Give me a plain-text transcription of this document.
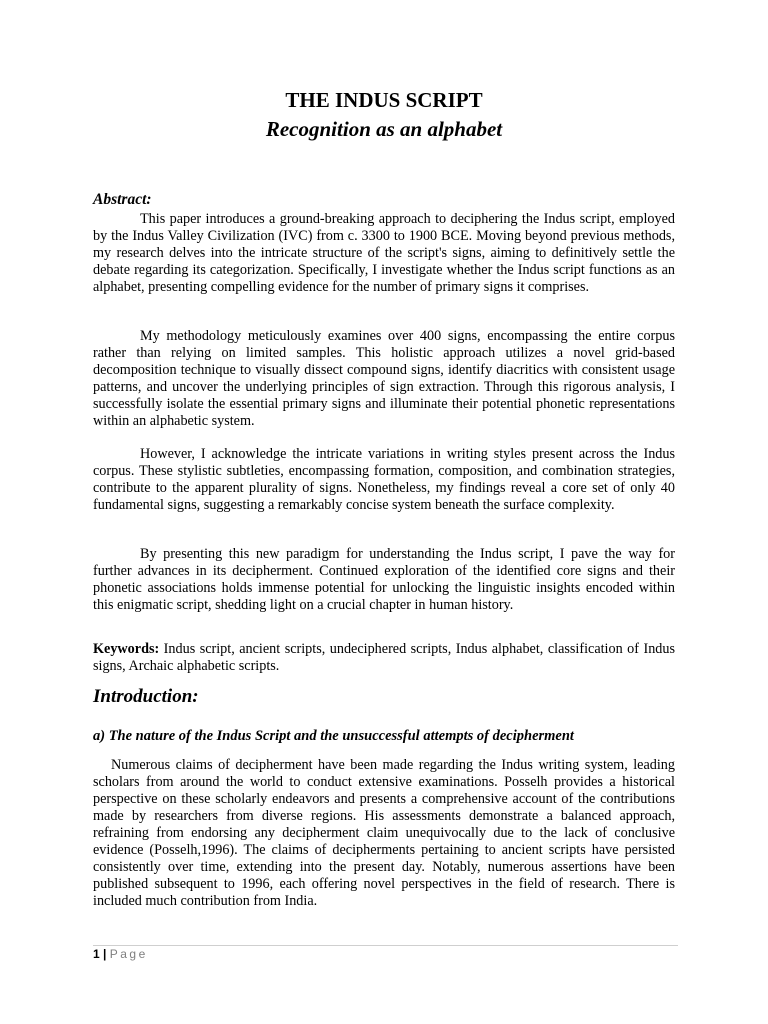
THE INDUS SCRIPT
Recognition as an alphabet
Abstract:

This paper introduces a ground-breaking approach to deciphering the Indus script, employed by the Indus Valley Civilization (IVC) from c. 3300 to 1900 BCE. Moving beyond previous methods, my research delves into the intricate structure of the script's signs, aiming to definitively settle the debate regarding its categorization. Specifically, I investigate whether the Indus script functions as an alphabet, presenting compelling evidence for the number of primary signs it comprises.

My methodology meticulously examines over 400 signs, encompassing the entire corpus rather than relying on limited samples. This holistic approach utilizes a novel grid-based decomposition technique to visually dissect compound signs, identify diacritics with consistent usage patterns, and uncover the underlying principles of sign extraction. Through this rigorous analysis, I successfully isolate the essential primary signs and illuminate their potential phonetic representations within an alphabetic system.

However, I acknowledge the intricate variations in writing styles present across the Indus corpus. These stylistic subtleties, encompassing formation, composition, and combination strategies, contribute to the apparent plurality of signs. Nonetheless, my findings reveal a core set of only 40 fundamental signs, suggesting a remarkably concise system beneath the surface complexity.

By presenting this new paradigm for understanding the Indus script, I pave the way for further advances in its decipherment. Continued exploration of the identified core signs and their phonetic associations holds immense potential for unlocking the linguistic insights encoded within this enigmatic script, shedding light on a crucial chapter in human history.

Keywords: Indus script, ancient scripts, undeciphered scripts, Indus alphabet, classification of Indus signs, Archaic alphabetic scripts.

Introduction:
a) The nature of the Indus Script and the unsuccessful attempts of decipherment

Numerous claims of decipherment have been made regarding the Indus writing system, leading scholars from around the world to conduct extensive examinations. Posselh provides a historical perspective on these scholarly endeavors and presents a comprehensive account of the contributions made by researchers from diverse regions. His assessments demonstrate a balanced approach, refraining from endorsing any decipherment claim unequivocally due to the lack of conclusive evidence (Posselh,1996). The claims of decipherments pertaining to ancient scripts have persisted consistently over time, extending into the present day. Notably, numerous assertions have been published subsequent to 1996, each offering novel perspectives in the field of research. There is included much contribution from India.

1 | Page
